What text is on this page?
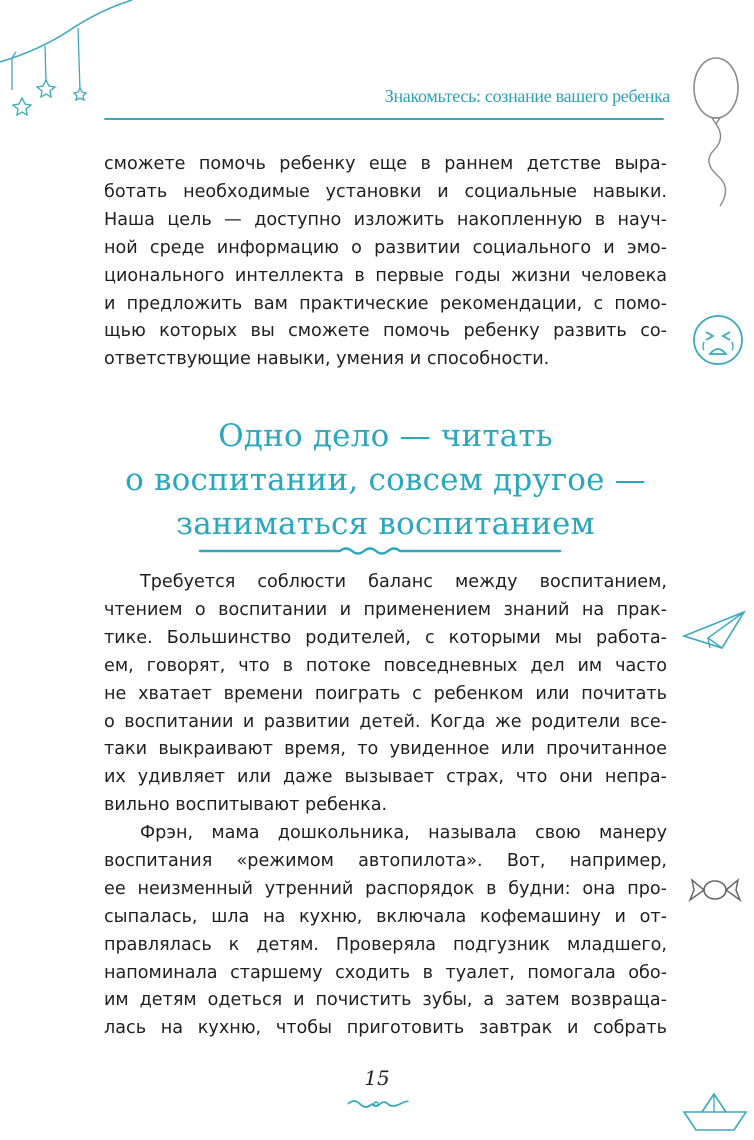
Знакомьтесь: сознание вашего ребенка

сможете помочь ребенку еще в раннем детстве выра-

ботать необходимые установки и социальные навыки.

Наша цель — доступно изложить накопленную в науч-

ной среде информацию о развитии социального и эмо-

ционального интеллекта в первые годы жизни человека

и предложить вам практические рекомендации, с помо-

щью которых вы сможете помочь ребенку развить со-

ответствующие навыки, умения и способности.

Одно дело — читать
о воспитании, совсем другое —
заниматься воспитанием

Требуется соблюсти баланс между воспитанием,

чтением о воспитании и применением знаний на прак-

тике. Большинство родителей, с которыми мы работа-

ем, говорят, что в потоке повседневных дел им часто

не хватает времени поиграть с ребенком или почитать

о воспитании и развитии детей. Когда же родители все-

таки выкраивают время, то увиденное или прочитанное

их удивляет или даже вызывает страх, что они непра-

вильно воспитывают ребенка.

Фрэн, мама дошкольника, называла свою манеру

воспитания «режимом автопилота». Вот, например,

ее неизменный утренний распорядок в будни: она про-

сыпалась, шла на кухню, включала кофемашину и от-

правлялась к детям. Проверяла подгузник младшего,

напоминала старшему сходить в туалет, помогала обо-

им детям одеться и почистить зубы, а затем возвраща-

лась на кухню, чтобы приготовить завтрак и собрать

15
